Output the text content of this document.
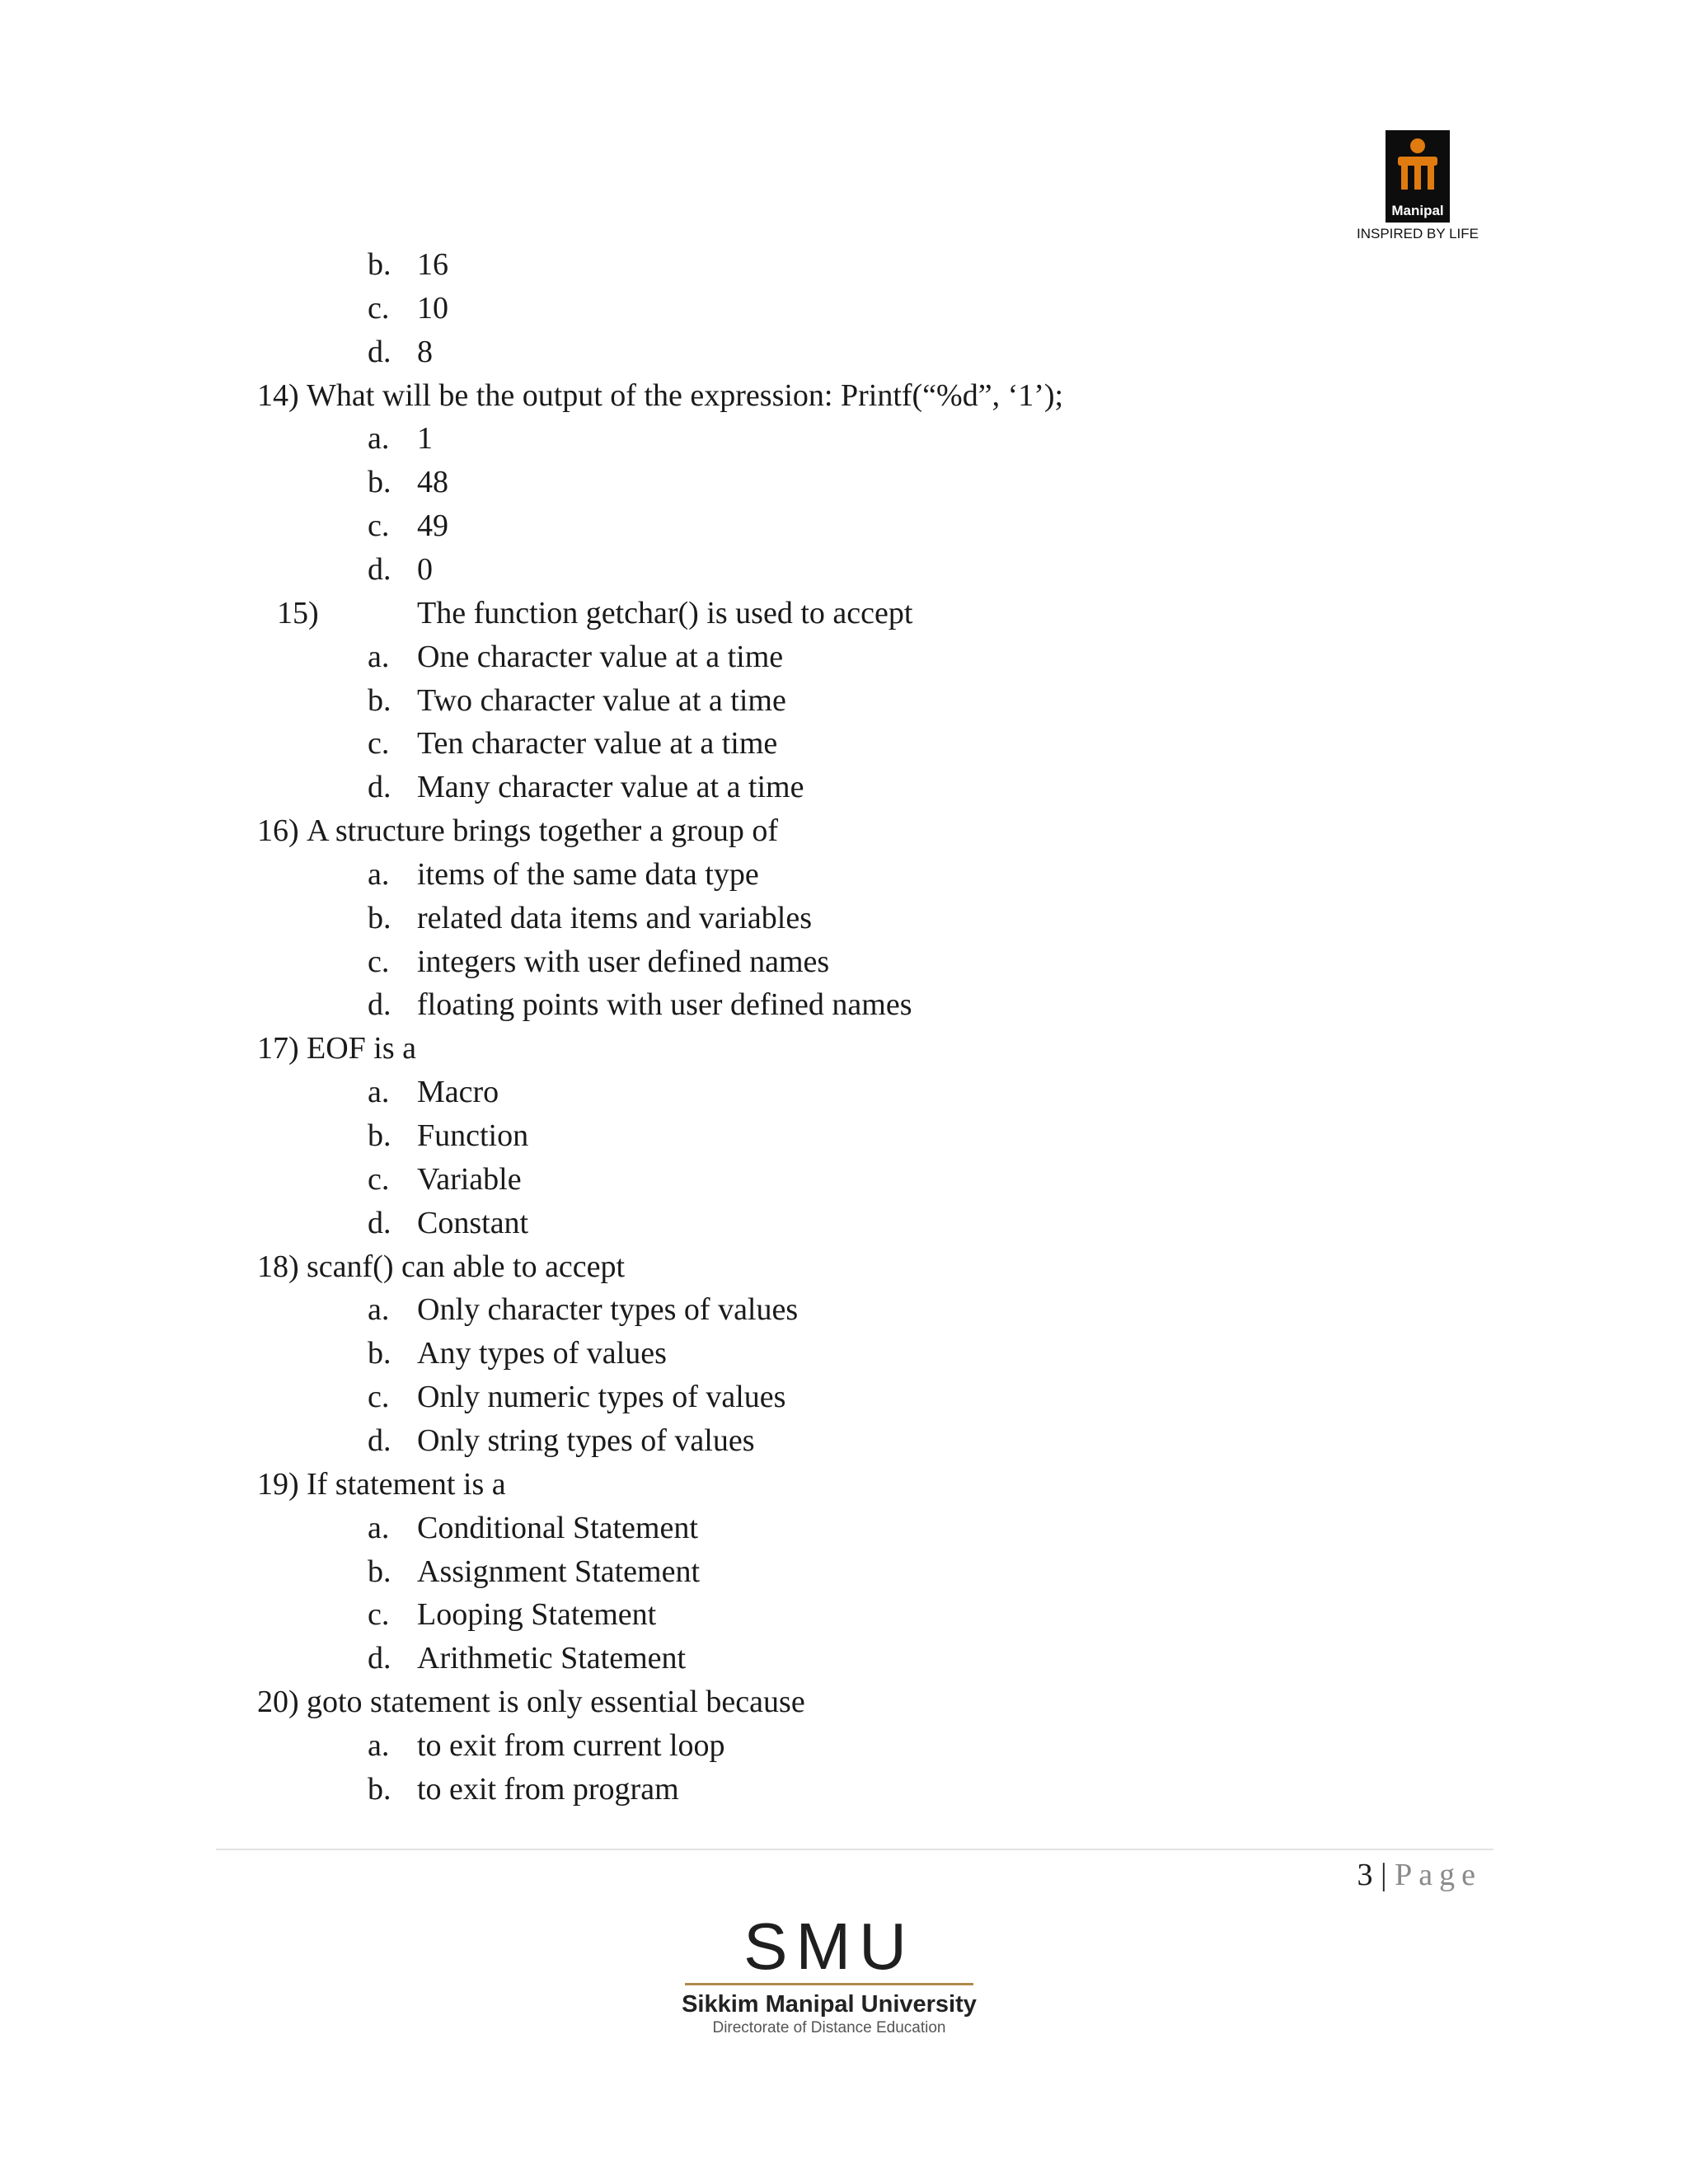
Manipal
INSPIRED BY LIFE
b. 16
c. 10
d. 8
14) What will be the output of the expression: Printf(“%d”, ‘1’);
a. 1
b. 48
c. 49
d. 0
15)	The function getchar() is used to accept
a. One character value at a time
b. Two character value at a time
c. Ten character value at a time
d. Many character value at a time
16) A structure brings together a group of
a. items of the same data type
b. related data items and variables
c. integers with user defined names
d. floating points with user defined names
17) EOF is a
a. Macro
b. Function
c. Variable
d. Constant
18) scanf() can able to accept
a. Only character types of values
b. Any types of values
c. Only numeric types of values
d. Only string types of values
19) If statement is a
a. Conditional Statement
b. Assignment Statement
c. Looping Statement
d. Arithmetic Statement
20) goto statement is only essential because
a. to exit from current loop
b. to exit from program
3 | Page
SMU
Sikkim Manipal University
Directorate of Distance Education
